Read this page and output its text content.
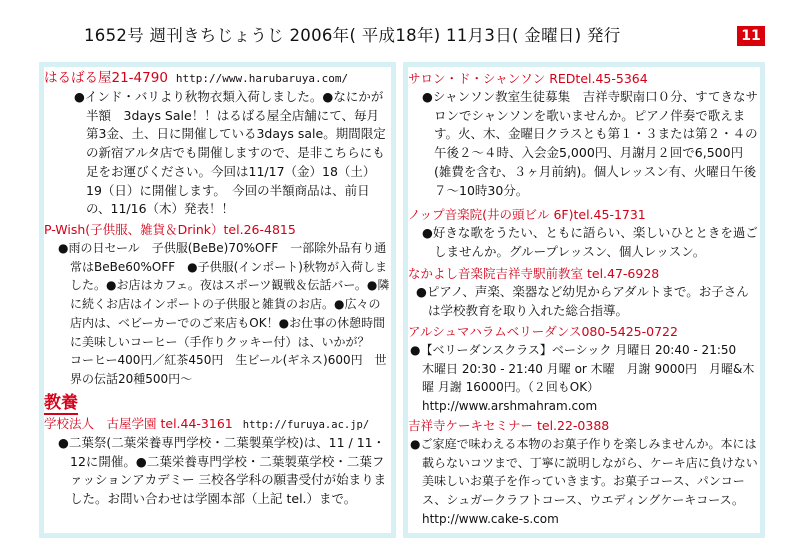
1652号 週刊きちじょうじ 2006年( 平成18年) 11月3日( 金曜日) 発行	11
はるばる屋21-4790 http://www.harubaruya.com/
●インド・バリより秋物衣類入荷しました。●なにかが半額　3days Sale！！はるばる屋全店舗にて、毎月第3金、土、日に開催している3days sale。期間限定の新宿アルタ店でも開催しますので、是非こちらにも足をお運びください。今回は11/17（金）18（土）19（日）に開催します。　今回の半額商品は、前日の、11/16（木）発表！！
P-Wish(子供服、雑貨＆Drink）tel.26-4815
●雨の日セール　子供服(BeBe)70%OFF　一部除外品有り通常はBeBe60%OFF　●子供服(インポート)秋物が入荷しました。●お店はカフェ。夜はスポーツ観戦＆伝話バー。●隣に続くお店はインポートの子供服と雑貨のお店。●広々の店内は、ベビーカーでのご来店もOK！●お仕事の休憩時間に美味しいコーヒー（手作りクッキー付）は、いかが？　コーヒー400円／紅茶450円　生ビール(ギネス)600円　世界の伝話20種500円～
教養
学校法人　古屋学園 tel.44-3161 http://furuya.ac.jp/
●二葉祭(二葉栄養専門学校・二葉製菓学校)は、11 / 11・12に開催。●二葉栄養専門学校・二葉製菓学校・二葉ファッションアカデミー 三校各学科の願書受付が始まりました。お問い合わせは学園本部（上記 tel.）まで。
サロン・ド・シャンソン REDtel.45-5364
●シャンソン教室生徒募集　吉祥寺駅南口０分、すてきなサロンでシャンソンを歌いませんか。ピアノ伴奏で歌えます。火、木、金曜日クラスとも第１・３または第２・４の午後２～４時、入会金5,000円、月謝月２回で6,500円(雑費を含む、３ヶ月前納)。個人レッスン有、火曜日午後７～10時30分。
ノップ音楽院(井の頭ビル 6F)tel.45-1731
●好きな歌をうたい、ともに語らい、楽しいひとときを過ごしませんか。グループレッスン、個人レッスン。
なかよし音楽院吉祥寺駅前教室 tel.47-6928
●ピアノ、声楽、楽器など幼児からアダルトまで。お子さんは学校教育を取り入れた総合指導。
アルシュマハラムベリーダンス080-5425-0722
●【ベリーダンスクラス】ベーシック 月曜日 20:40 - 21:50　木曜日 20:30 - 21:40 月曜 or 木曜　月謝 9000円　月曜&木曜 月謝 16000円。（２回もOK）　http://www.arshmahram.com
吉祥寺ケーキセミナー tel.22-0388
●ご家庭で味わえる本物のお菓子作りを楽しみませんか。本には載らないコツまで、丁寧に説明しながら、ケーキ店に負けない美味しいお菓子を作っていきます。お菓子コース、パンコース、シュガークラフトコース、ウエディングケーキコース。http://www.cake-s.com
